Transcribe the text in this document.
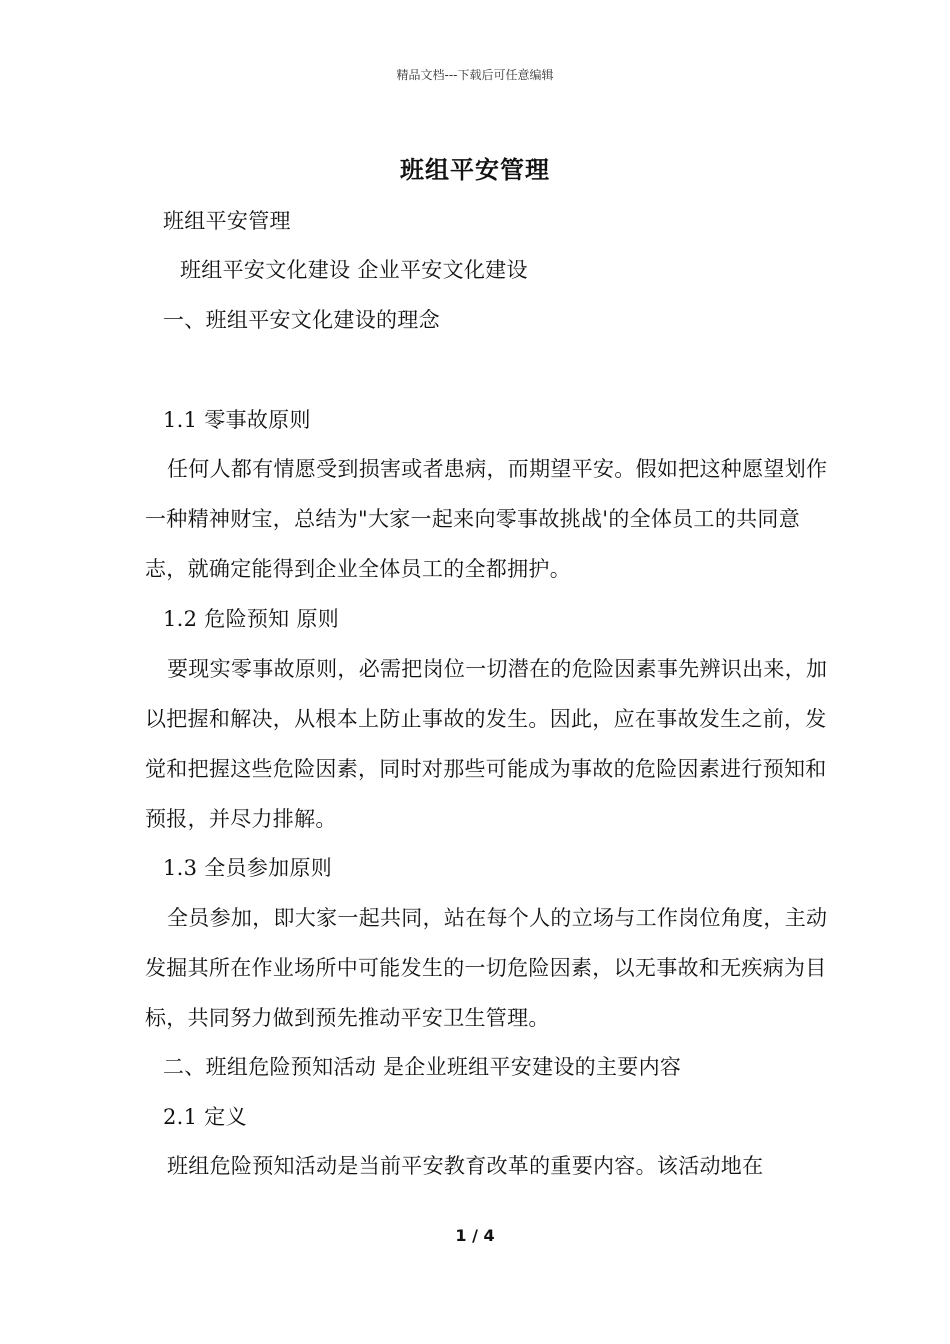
精品文档---下载后可任意编辑
班组平安管理
班组平安管理
班组平安文化建设 企业平安文化建设
一、班组平安文化建设的理念
1.1 零事故原则
任何人都有情愿受到损害或者患病，而期望平安。假如把这种愿望划作一种精神财宝，总结为"大家一起来向零事故挑战'的全体员工的共同意志，就确定能得到企业全体员工的全都拥护。
1.2 危险预知 原则
要现实零事故原则，必需把岗位一切潜在的危险因素事先辨识出来，加以把握和解决，从根本上防止事故的发生。因此，应在事故发生之前，发觉和把握这些危险因素，同时对那些可能成为事故的危险因素进行预知和预报，并尽力排解。
1.3 全员参加原则
全员参加，即大家一起共同，站在每个人的立场与工作岗位角度，主动发掘其所在作业场所中可能发生的一切危险因素，以无事故和无疾病为目标，共同努力做到预先推动平安卫生管理。
二、班组危险预知活动 是企业班组平安建设的主要内容
2.1 定义
班组危险预知活动是当前平安教育改革的重要内容。该活动地在
1 / 4
